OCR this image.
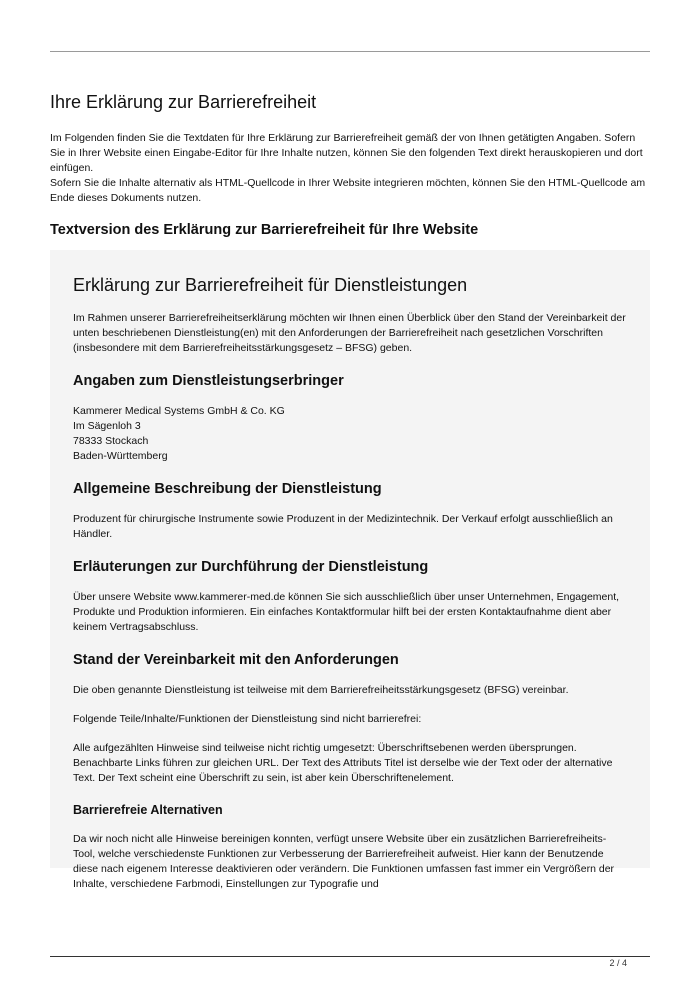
Ihre Erklärung zur Barrierefreiheit

Im Folgenden finden Sie die Textdaten für Ihre Erklärung zur Barrierefreiheit gemäß der von Ihnen getätigten Angaben. Sofern Sie in Ihrer Website einen Eingabe-Editor für Ihre Inhalte nutzen, können Sie den folgenden Text direkt herauskopieren und dort einfügen.

Sofern Sie die Inhalte alternativ als HTML-Quellcode in Ihrer Website integrieren möchten, können Sie den HTML-Quellcode am Ende dieses Dokuments nutzen.

Textversion des Erklärung zur Barrierefreiheit für Ihre Website
Erklärung zur Barrierefreiheit für Dienstleistungen

Im Rahmen unserer Barrierefreiheitserklärung möchten wir Ihnen einen Überblick über den Stand der Vereinbarkeit der unten beschriebenen Dienstleistung(en) mit den Anforderungen der Barrierefreiheit nach gesetzlichen Vorschriften (insbesondere mit dem Barrierefreiheitsstärkungsgesetz – BFSG) geben.

Angaben zum Dienstleistungserbringer

Kammerer Medical Systems GmbH & Co. KG

Im Sägenloh 3

78333 Stockach

Baden-Württemberg

Allgemeine Beschreibung der Dienstleistung

Produzent für chirurgische Instrumente sowie Produzent in der Medizintechnik. Der Verkauf erfolgt ausschließlich an Händler.

Erläuterungen zur Durchführung der Dienstleistung

Über unsere Website www.kammerer-med.de können Sie sich ausschließlich über unser Unternehmen, Engagement, Produkte und Produktion informieren. Ein einfaches Kontaktformular hilft bei der ersten Kontaktaufnahme dient aber keinem Vertragsabschluss.

Stand der Vereinbarkeit mit den Anforderungen

Die oben genannte Dienstleistung ist teilweise mit dem Barrierefreiheitsstärkungsgesetz (BFSG) vereinbar.

Folgende Teile/Inhalte/Funktionen der Dienstleistung sind nicht barrierefrei:

Alle aufgezählten Hinweise sind teilweise nicht richtig umgesetzt: Überschriftsebenen werden übersprungen. Benachbarte Links führen zur gleichen URL. Der Text des Attributs Titel ist derselbe wie der Text oder der alternative Text. Der Text scheint eine Überschrift zu sein, ist aber kein Überschriftenelement.

Barrierefreie Alternativen

Da wir noch nicht alle Hinweise bereinigen konnten, verfügt unsere Website über ein zusätzlichen Barrierefreiheits-Tool, welche verschiedenste Funktionen zur Verbesserung der Barrierefreiheit aufweist. Hier kann der Benutzende diese nach eigenem Interesse deaktivieren oder verändern. Die Funktionen umfassen fast immer ein Vergrößern der Inhalte, verschiedene Farbmodi, Einstellungen zur Typografie und

2 / 4
